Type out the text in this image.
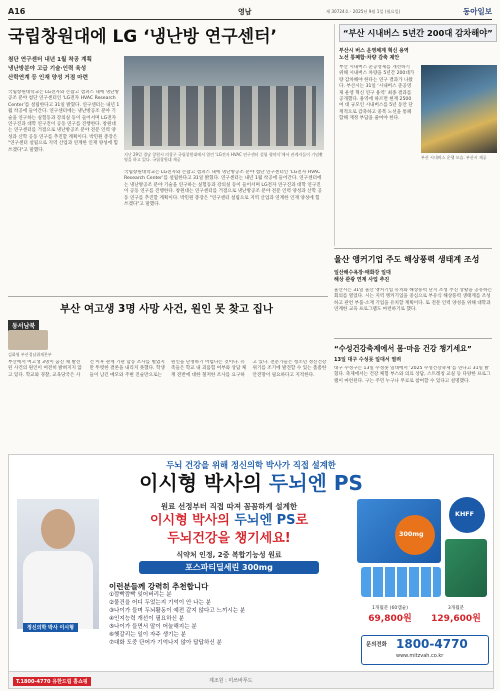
A16	영남	제 30724호 · 2025년 9월 1일 (월요일)	동아일보
국립창원대에 LG ‘냉난방 연구센터’
첨단 연구센터 내년 1월 착공 계획
냉난방분야 고급 기술·인력 육성
산학연계 등 인재 양성 거점 마련
국립창원대학교는 LG전자와 손잡고 캠퍼스 내에 냉난방공조 분야 첨단 연구센터인 ‘LG전자 HVAC Research Center’를 설립한다고 31일 밝혔다. 연구센터는 내년 1월 착공에 들어간다. 연구센터에는 냉난방공조 분야 기술을 연구하는 실험동과 강의실 등이 들어서며 LG전자 연구진과 대학 연구진이 공동 연구를 진행한다. 창원대는 연구센터를 거점으로 냉난방공조 분야 전문 인력 양성과 산학 공동 연구를 추진할 계획이다. 박민원 총장은 "연구센터 설립으로 지역 산업과 연계한 인재 양성에 힘쓰겠다"고 말했다.
지난 29일 경남 창원시 의창구 국립창원대에서 열린 ‘LG전자 HVAC 연구센터 설립 협약식’에서 관계자들이 기념촬영을 하고 있다. 국립창원대 제공
국립창원대학교는 LG전자와 손잡고 캠퍼스 내에 냉난방공조 분야 첨단 연구센터인 ‘LG전자 HVAC Research Center’를 설립한다고 31일 밝혔다. 연구센터는 내년 1월 착공에 들어간다. 연구센터에는 냉난방공조 분야 기술을 연구하는 실험동과 강의실 등이 들어서며 LG전자 연구진과 대학 연구진이 공동 연구를 진행한다. 창원대는 연구센터를 거점으로 냉난방공조 분야 전문 인력 양성과 산학 공동 연구를 추진할 계획이다. 박민원 총장은 "연구센터 설립으로 지역 산업과 연계한 인재 양성에 힘쓰겠다"고 말했다.
“부산 시내버스 5년간 200대 감차해야”
부산시 버스 운영체계 혁신 용역
노선 통폐합·차량 감축 제안
부산 시내버스 준공영제를 개선하기 위해 시내버스 차량을 5년간 200대가량 감차해야 한다는 연구 결과가 나왔다. 부산시는 31일 ‘시내버스 준공영제 운영 혁신 연구 용역’ 최종 결과를 공개했다. 용역에 따르면 현재 2500여 대 규모인 시내버스를 5년 동안 단계적으로 감축하고 중복 노선을 통폐합해 재정 부담을 줄여야 한다.
부산 시내버스 운행 모습. 부산시 제공
울산 앵커기업 주도 해상풍력 생태계 조성
일산해수욕장·태화강 일대
해상 관광 연계 사업 추진
울산시는 31일 울산 앵커기업 유치와 해상풍력 단지 조성 추진 상황을 공유하는 회의를 열었다. 시는 지역 앵커기업을 중심으로 부유식 해상풍력 생태계를 조성하고 관련 부품·소재 기업을 유치할 계획이다. 또 전문 인력 양성을 위해 대학과 연계한 교육 프로그램도 마련하기로 했다.
부산 여고생 3명 사망 사건, 원인 못 찾고 집나
동서남북
김화영 부산경남취재본부
부산에서 여고생 3명이 숨진 채 발견된 사건의 원인이 여전히 밝혀지지 않고 있다. 학교와 경찰, 교육당국은 사건 이후 관계 기관 합동 조사를 벌였지만 뚜렷한 결론을 내리지 못했다. 학생들이 남긴 메모와 주변 진술만으로는 원인을 단정하기 어렵다는 것이다. 유족들은 학교 내 괴롭힘 여부와 상담 체계 전반에 대한 철저한 조사를 요구하고 있다. 전문가들은 청소년 정신건강 위기를 조기에 발견할 수 있는 촘촘한 안전망이 필요하다고 지적한다.
“수성건강축제에서 몸·마음 건강 챙기세요”
13일 대구 수성못 일대서 열려
대구 수성구는 13일 수성못 일대에서 ‘2025 수성건강축제’를 연다고 31일 밝혔다. 축제에서는 건강 체험 부스와 의료 상담, 스트레칭 교실 등 다양한 프로그램이 마련된다. 구는 주민 누구나 무료로 참여할 수 있다고 설명했다.
두뇌 건강을 위해 정신의학 박사가 직접 설계한
이시형 박사의 두뇌엔 PS
정신의학 박사 이시형
원료 선정부터 직접 따져 꼼꼼하게 설계한
이시형 박사의 두뇌엔 PS로
두뇌건강을 챙기세요!
식약처 인정, 2중 복합기능성 원료
포스파티딜세린 300mg
300mg
KHFF
이런분들께 강력히 추천합니다
①깜빡깜빡 잊어버리는 분
②물건을 어디 두었는지 기억이 안 나는 분
③나이가 들며 두뇌활동이 예전 같지 않다고 느끼시는 분
④인지능력 개선이 필요하신 분
⑤나이가 들면서 말이 어눌해지는 분
⑥헷갈리는 일이 자주 생기는 분
⑦대화 도중 단어가 기억나지 않아 답답하신 분
1개월분 (60캡슐)
69,800원
3개월분
129,600원
문의전화 1800-4770
www.mitzvah.co.kr
T.1800-4770 유한드림 홈쇼핑	제조원 : 미쓰바푸드
